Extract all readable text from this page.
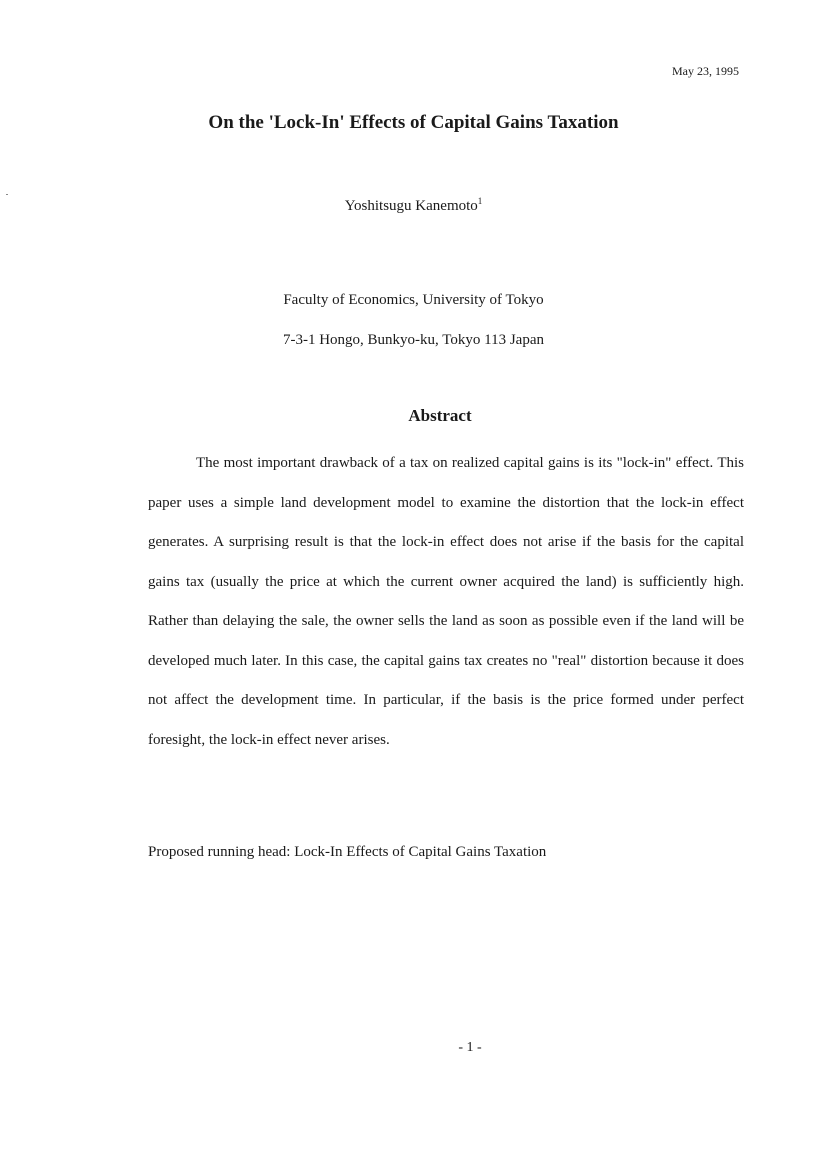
May 23, 1995
On the 'Lock-In' Effects of Capital Gains Taxation
Yoshitsugu Kanemoto$^1$
Faculty of Economics, University of Tokyo
7-3-1 Hongo, Bunkyo-ku, Tokyo 113 Japan
Abstract

The most important drawback of a tax on realized capital gains is its "lock-in" effect. This paper uses a simple land development model to examine the distortion that the lock-in effect generates. A surprising result is that the lock-in effect does not arise if the basis for the capital gains tax (usually the price at which the current owner acquired the land) is sufficiently high. Rather than delaying the sale, the owner sells the land as soon as possible even if the land will be developed much later. In this case, the capital gains tax creates no "real" distortion because it does not affect the development time. In particular, if the basis is the price formed under perfect foresight, the lock-in effect never arises.

Proposed running head: Lock-In Effects of Capital Gains Taxation
- 1 -
